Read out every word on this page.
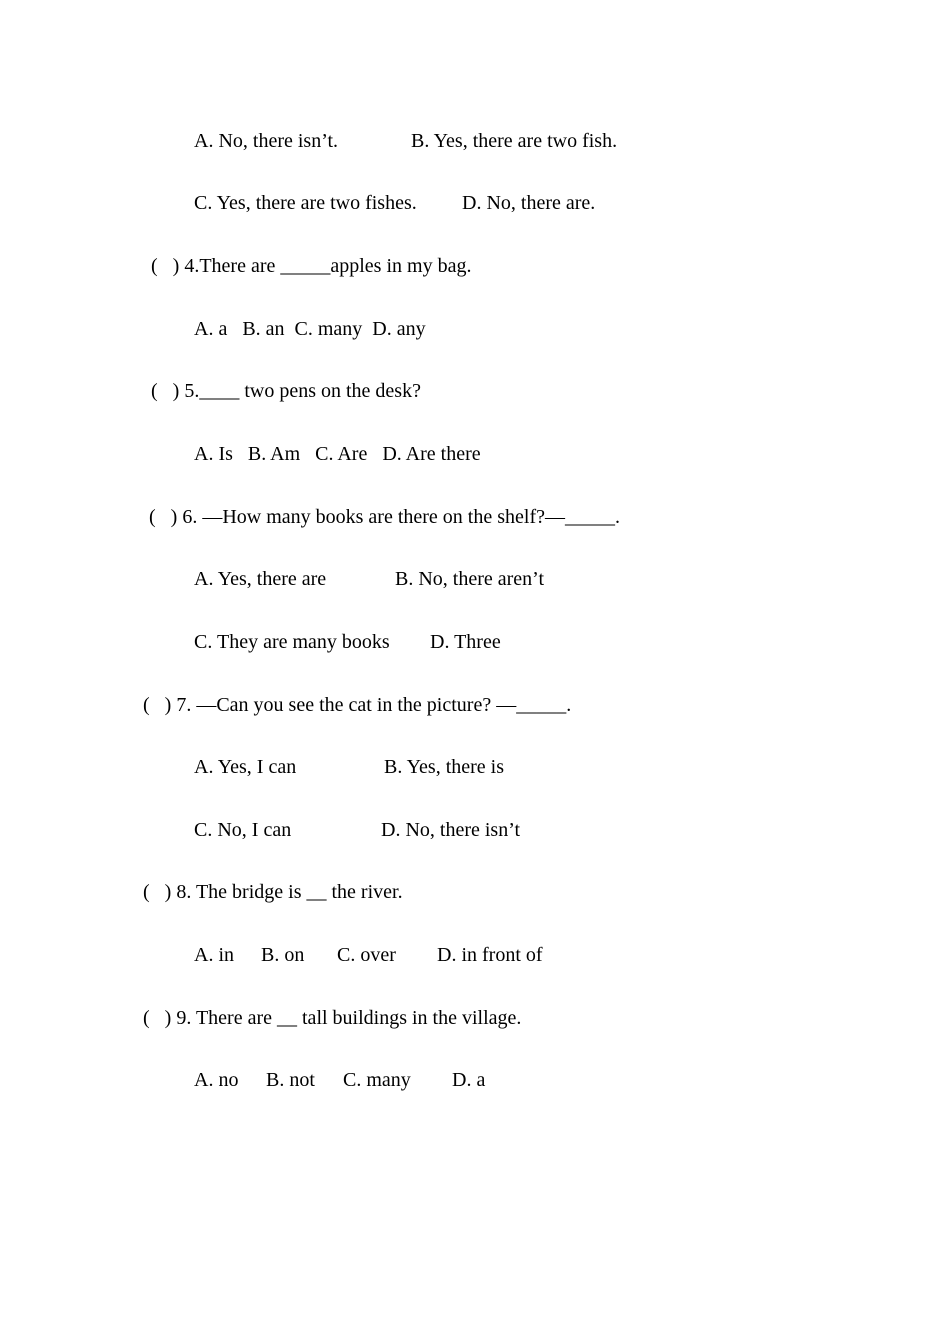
A. No, there isn’t.	B. Yes, there are two fish.
C. Yes, there are two fishes. D. No, there are.
(   ) 4.There are _____apples in my bag.
A. a   B. an  C. many  D. any
(   ) 5.____ two pens on the desk?
A. Is   B. Am   C. Are   D. Are there
(   ) 6. —How many books are there on the shelf?—_____.
A. Yes, there are	B. No, there aren’t
C. They are many books D. Three
(   ) 7. —Can you see the cat in the picture? —_____.
A. Yes, I can	B. Yes, there is
C. No, I can	D. No, there isn’t
(   ) 8. The bridge is __ the river.
A. in B. on C. over D. in front of
(   ) 9. There are __ tall buildings in the village.
A. no B. not C. many D. a
